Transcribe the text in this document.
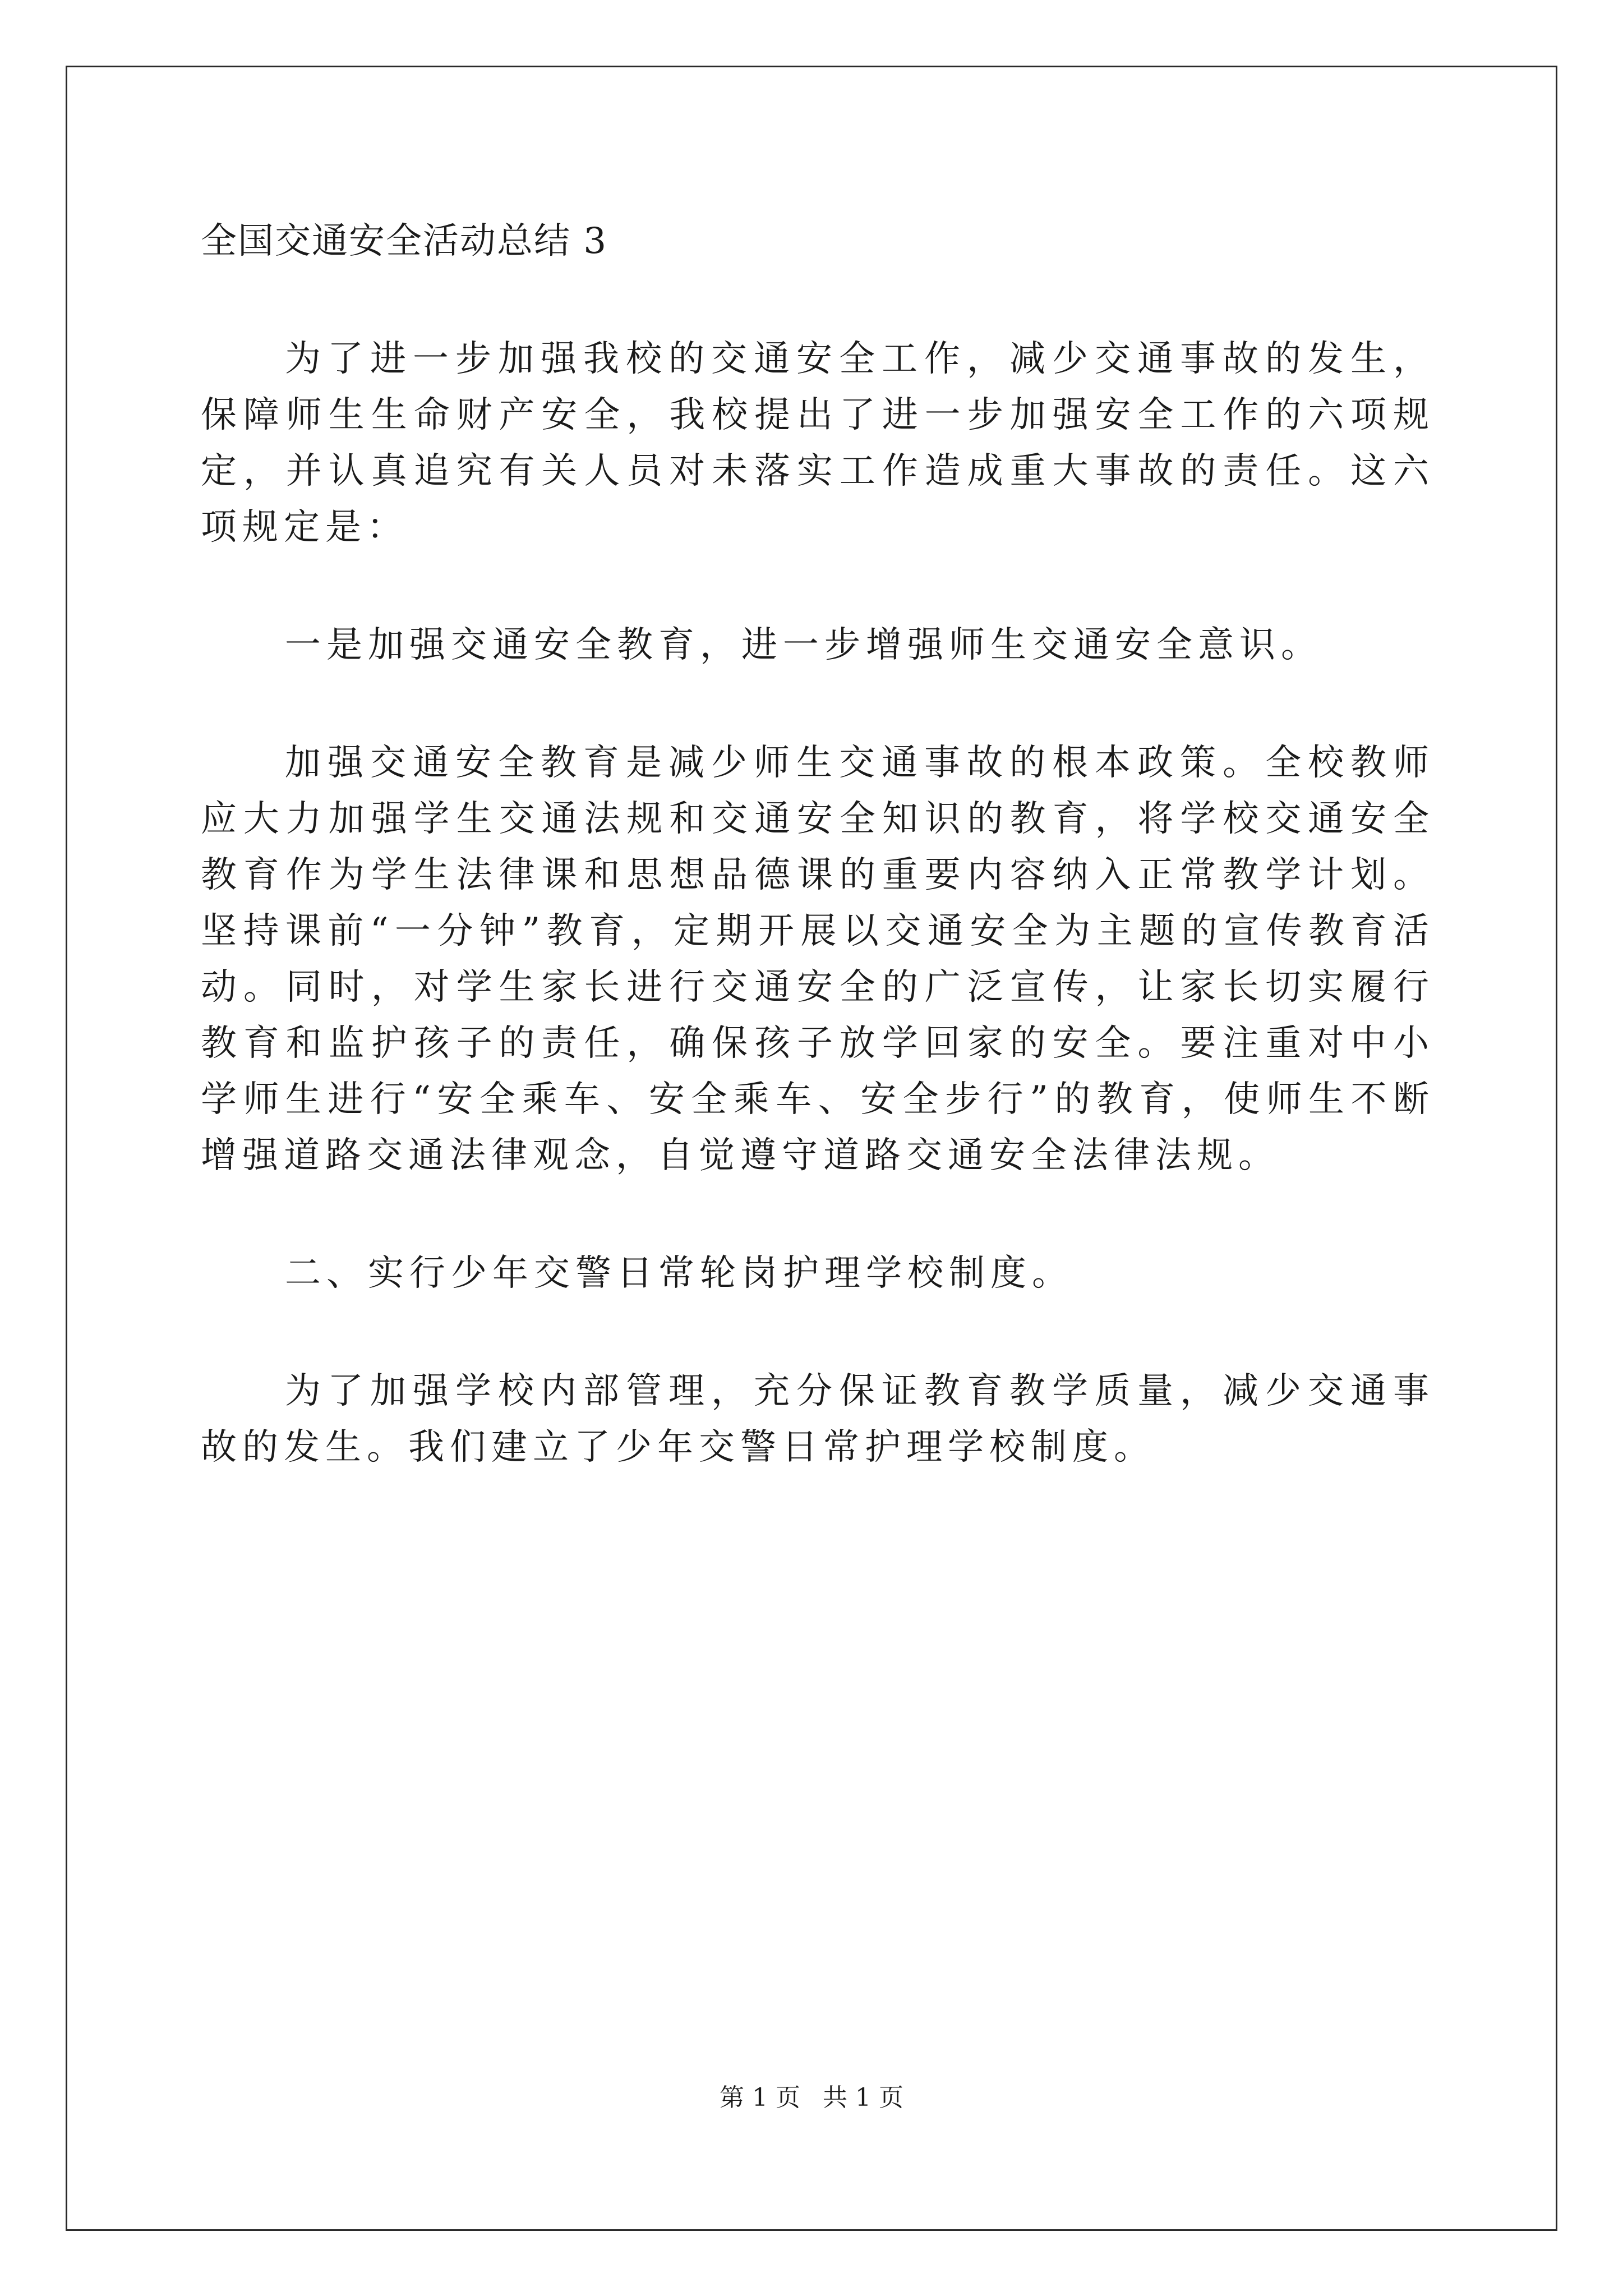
全国交通安全活动总结 3

为了进一步加强我校的交通安全工作，减少交通事故的发生，保障师生生命财产安全，我校提出了进一步加强安全工作的六项规定，并认真追究有关人员对未落实工作造成重大事故的责任。这六项规定是：

一是加强交通安全教育，进一步增强师生交通安全意识。

加强交通安全教育是减少师生交通事故的根本政策。全校教师应大力加强学生交通法规和交通安全知识的教育，将学校交通安全教育作为学生法律课和思想品德课的重要内容纳入正常教学计划。坚持课前“一分钟”教育，定期开展以交通安全为主题的宣传教育活动。同时，对学生家长进行交通安全的广泛宣传，让家长切实履行教育和监护孩子的责任，确保孩子放学回家的安全。要注重对中小学师生进行“安全乘车、安全乘车、安全步行”的教育，使师生不断增强道路交通法律观念，自觉遵守道路交通安全法律法规。

二、实行少年交警日常轮岗护理学校制度。

为了加强学校内部管理，充分保证教育教学质量，减少交通事故的发生。我们建立了少年交警日常护理学校制度。

第 1 页 共 1 页
